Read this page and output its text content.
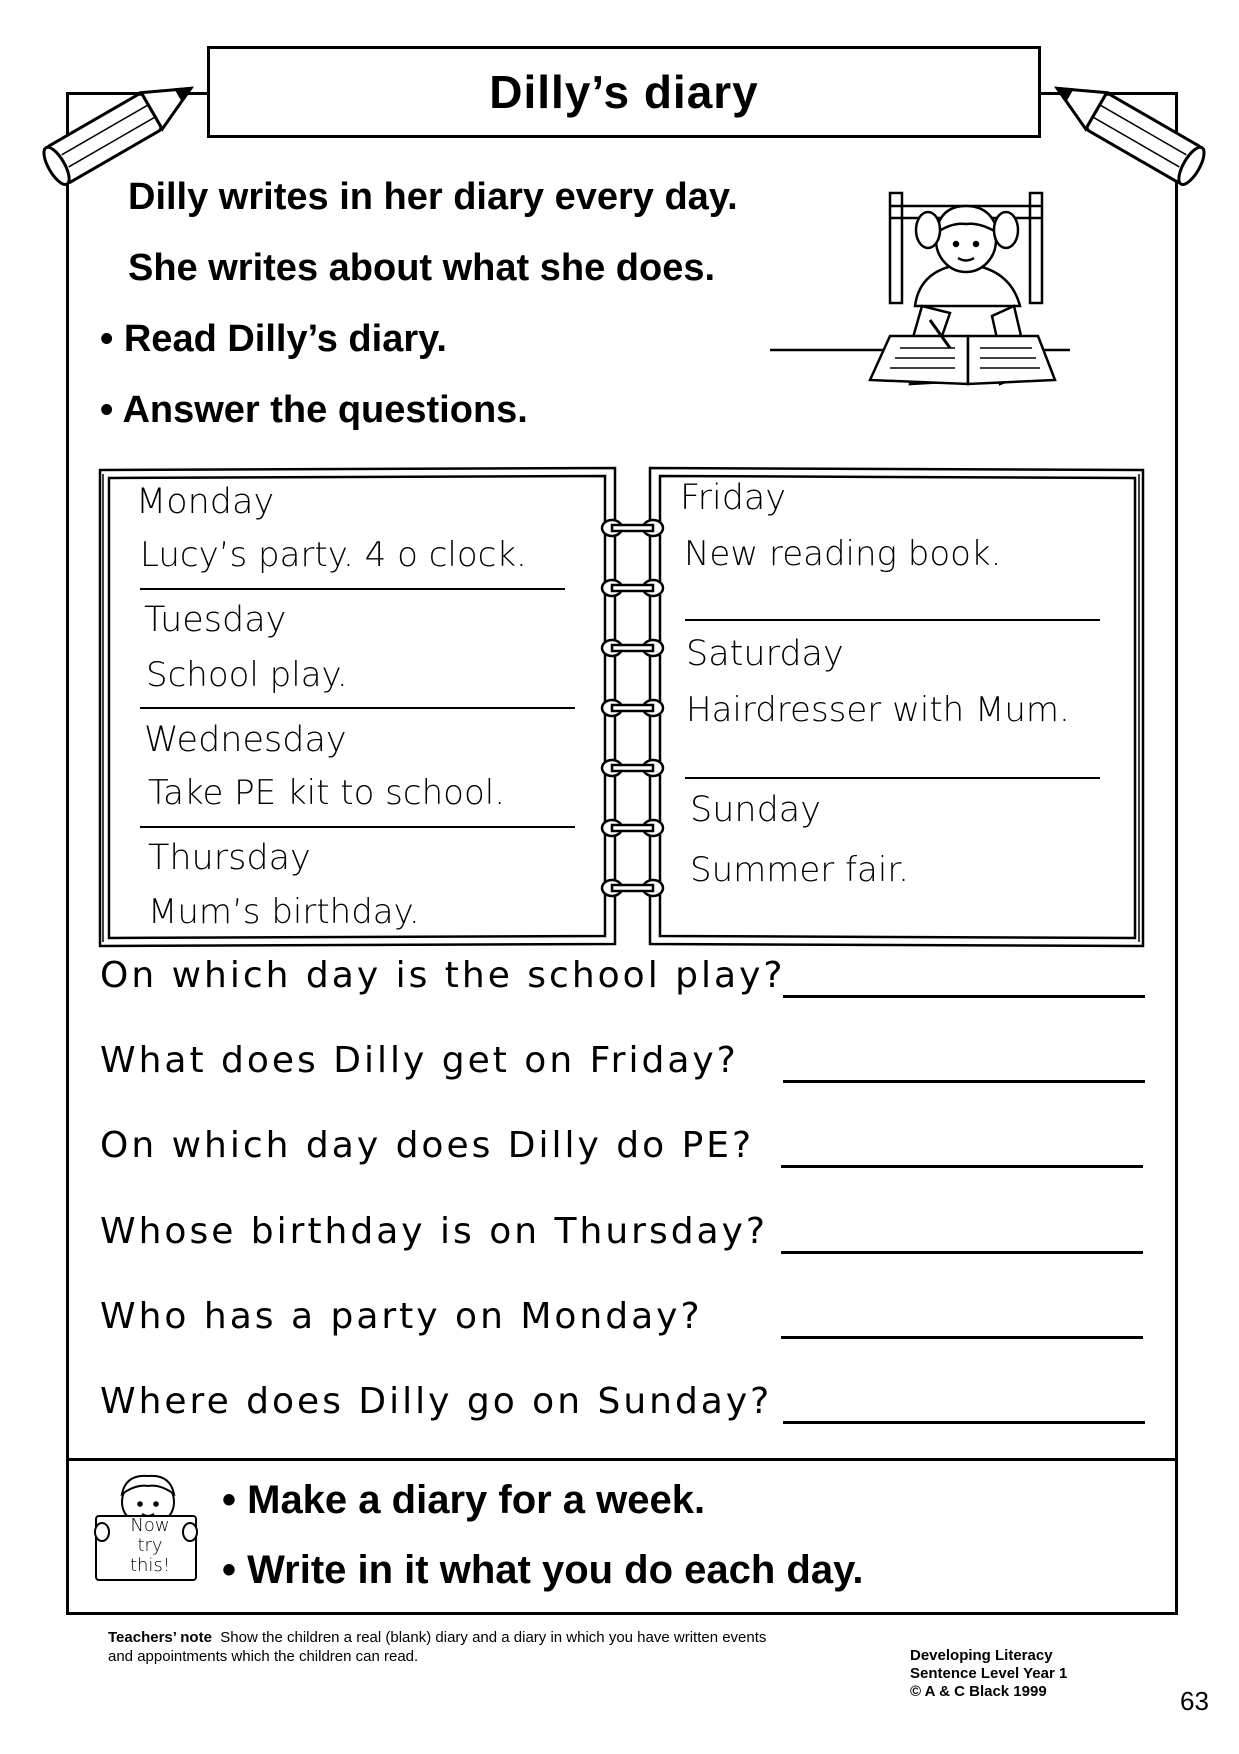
Dilly’s diary
Dilly writes in her diary every day.
She writes about what she does.
• Read Dilly’s diary.
• Answer the questions.
Monday
Lucy’s party. 4 o clock.
Tuesday
School play.
Wednesday
Take PE kit to school.
Thursday
Mum’s birthday.
Friday
New reading book.
Saturday
Hairdresser with Mum.
Sunday
Summer fair.
On which day is the school play?
What does Dilly get on Friday?
On which day does Dilly do PE?
Whose birthday is on Thursday?
Who has a party on Monday?
Where does Dilly go on Sunday?
Now
try
this!
• Make a diary for a week.
• Write in it what you do each day.
Teachers’ note Show the children a real (blank) diary and a diary in which you have written events
and appointments which the children can read.	Developing Literacy
Sentence Level Year 1
© A & C Black 1999	63
